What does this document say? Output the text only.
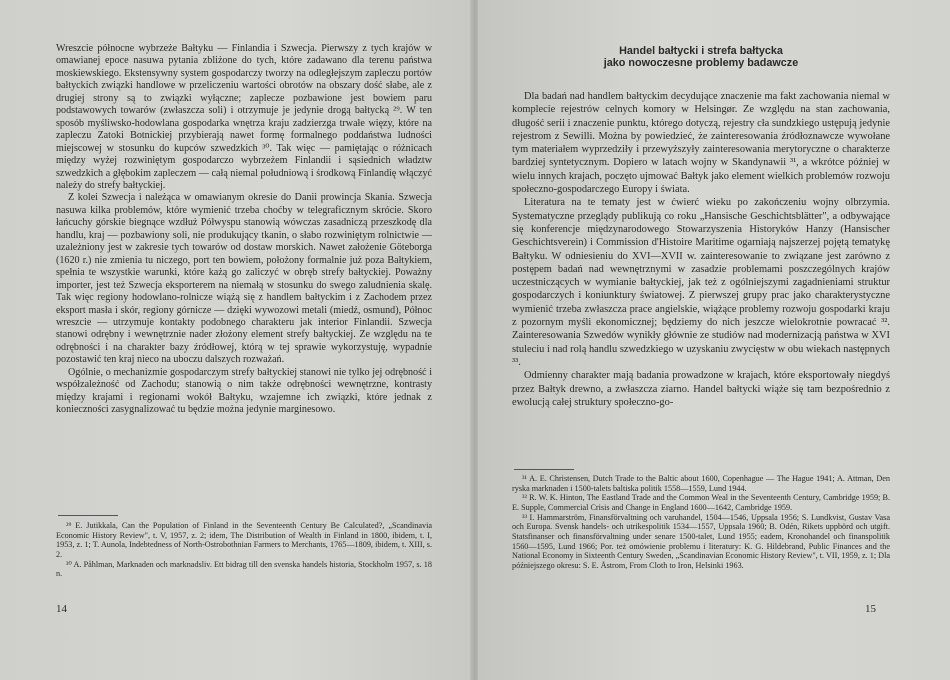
Wreszcie północne wybrzeże Bałtyku — Finlandia i Szwecja. Pierwszy z tych krajów w omawianej epoce nasuwa pytania zbliżone do tych, które zadawano dla terenu państwa moskiewskiego. Ekstensywny system gospodarczy tworzy na odległejszym zapleczu portów bałtyckich związki handlowe w przeliczeniu wartości obrotów na obszary dość słabe, ale z drugiej strony są to związki wyłączne; zaplecze pozbawione jest bowiem paru podstawowych towarów (zwłaszcza soli) i otrzymuje je jedynie drogą bałtycką ²⁹. W ten sposób myśliwsko-hodowlana gospodarka wnętrza kraju zadzierzga trwałe więzy, które na zapleczu Zatoki Botnickiej przybierają nawet formę formalnego poddaństwa ludności miejscowej w stosunku do kupców szwedzkich ³⁰. Tak więc — pamiętając o różnicach między wyżej rozwiniętym gospodarczo wybrzeżem Finlandii i sąsiednich władztw szwedzkich a głębokim zapleczem — całą niemal południową i środkową Finlandię włączyć należy do strefy bałtyckiej.

Z kolei Szwecja i należąca w omawianym okresie do Danii prowincja Skania. Szwecja nasuwa kilka problemów, które wymienić trzeba choćby w telegraficznym skrócie. Skoro łańcuchy górskie biegnące wzdłuż Półwyspu stanowią wówczas zasadniczą przeszkodę dla handlu, kraj — pozbawiony soli, nie produkujący tkanin, o słabo rozwiniętym rolnictwie — uzależniony jest w zakresie tych towarów od dostaw morskich. Nawet założenie Göteborga (1620 r.) nie zmienia tu niczego, port ten bowiem, położony formalnie już poza Bałtykiem, spełnia te wszystkie warunki, które każą go zaliczyć w obręb strefy bałtyckiej. Poważny importer, jest też Szwecja eksporterem na niemałą w stosunku do swego zaludnienia skalę. Tak więc regiony hodowlano-rolnicze wiążą się z handlem bałtyckim i z Zachodem przez eksport masła i skór, regiony górnicze — dzięki wywozowi metali (miedź, osmund), Północ wreszcie — utrzymuje kontakty podobnego charakteru jak interior Finlandii. Szwecja stanowi odrębny i wewnętrznie nader złożony element strefy bałtyckiej. Ze względu na te odrębności i na charakter bazy źródłowej, którą w tej sprawie wykorzystuję, wypadnie pozostawić ten kraj nieco na uboczu dalszych rozważań.

Ogólnie, o mechanizmie gospodarczym strefy bałtyckiej stanowi nie tylko jej odrębność i współzależność od Zachodu; stanowią o nim także odrębności wewnętrzne, kontrasty między krajami i regionami wokół Bałtyku, wzajemne ich związki, które jednak z konieczności zasygnalizować tu będzie można jedynie marginesowo.

²⁹ E. Jutikkala, Can the Population of Finland in the Seventeenth Century Be Calculated?, „Scandinavia Economic History Review", t. V, 1957, z. 2; idem, The Distribution of Wealth in Finland in 1800, ibidem, t. I, 1953, z. 1; T. Aunola, Indebtedness of North-Ostrobothnian Farmers to Merchants, 1765—1809, ibidem, t. XIII, s. 2.

³⁰ A. Påhlman, Marknaden och marknadsliv. Ett bidrag till den svenska handels historia, Stockholm 1957, s. 18 n.

14
Handel bałtycki i strefa bałtycka
jako nowoczesne problemy badawcze

Dla badań nad handlem bałtyckim decydujące znaczenie ma fakt zachowania niemal w komplecie rejestrów celnych komory w Helsingør. Ze względu na stan zachowania, długość serii i znaczenie punktu, którego dotyczą, rejestry cła sundzkiego ustępują jedynie rejestrom z Sewilli. Można by powiedzieć, że zainteresowania źródłoznawcze wywołane tym materiałem wyprzedziły i przewyższyły zainteresowania merytoryczne o charakterze bardziej syntetycznym. Dopiero w latach wojny w Skandynawii ³¹, a wkrótce później w wielu innych krajach, poczęto ujmować Bałtyk jako element wielkich problemów rozwoju społeczno-gospodarczego Europy i świata.

Literatura na te tematy jest w ćwierć wieku po zakończeniu wojny olbrzymia. Systematyczne przeglądy publikują co roku „Hansische Geschichtsblätter", a odbywające się konferencje międzynarodowego Stowarzyszenia Historyków Hanzy (Hansischer Geschichtsverein) i Commission d'Histoire Maritime ogarniają najszerzej pojętą tematykę Bałtyku. W odniesieniu do XVI—XVII w. zainteresowanie to związane jest zarówno z postępem badań nad wewnętrznymi w zasadzie problemami poszczególnych krajów uczestniczących w wymianie bałtyckiej, jak też z ogólniejszymi zagadnieniami struktur gospodarczych i koniunktury światowej. Z pierwszej grupy prac jako charakterystyczne wymienić trzeba zwłaszcza prace angielskie, wiążące problemy rozwoju gospodarki kraju z pozornym myśli ekonomicznej; będziemy do nich jeszcze wielokrotnie powracać ³². Zainteresowania Szwedów wynikły głównie ze studiów nad modernizacją państwa w XVI stuleciu i nad rolą handlu szwedzkiego w uzyskaniu zwycięstw w obu wiekach następnych ³³.

Odmienny charakter mają badania prowadzone w krajach, które eksportowały niegdyś przez Bałtyk drewno, a zwłaszcza ziarno. Handel bałtycki wiąże się tam bezpośrednio z ewolucją całej struktury społeczno-go-

³¹ A. E. Christensen, Dutch Trade to the Baltic about 1600, Copenhague — The Hague 1941; A. Attman, Den ryska marknaden i 1500-talets baltiska politik 1558—1559, Lund 1944.

³² R. W. K. Hinton, The Eastland Trade and the Common Weal in the Seventeenth Century, Cambridge 1959; B. E. Supple, Commercial Crisis and Change in England 1600—1642, Cambridge 1959.

³³ I. Hammarström, Finansförvaltning och varuhandel, 1504—1546, Uppsala 1956; S. Lundkvist, Gustav Vasa och Europa. Svensk handels- och utrikespolitik 1534—1557, Uppsala 1960; B. Odén, Rikets uppbörd och utgift. Statsfinanser och finansförvaltning under senare 1500-talet, Lund 1955; eadem, Kronohandel och finanspolitik 1560—1595, Lund 1966; Por. też omówienie problemu i literatury: K. G. Hildebrand, Public Finances and the National Economy in Sixteenth Century Sweden, „Scandinavian Economic History Review", t. VII, 1959, z. 1; Dla późniejszego okresu: S. E. Åstrom, From Cloth to Iron, Helsinki 1963.

15
